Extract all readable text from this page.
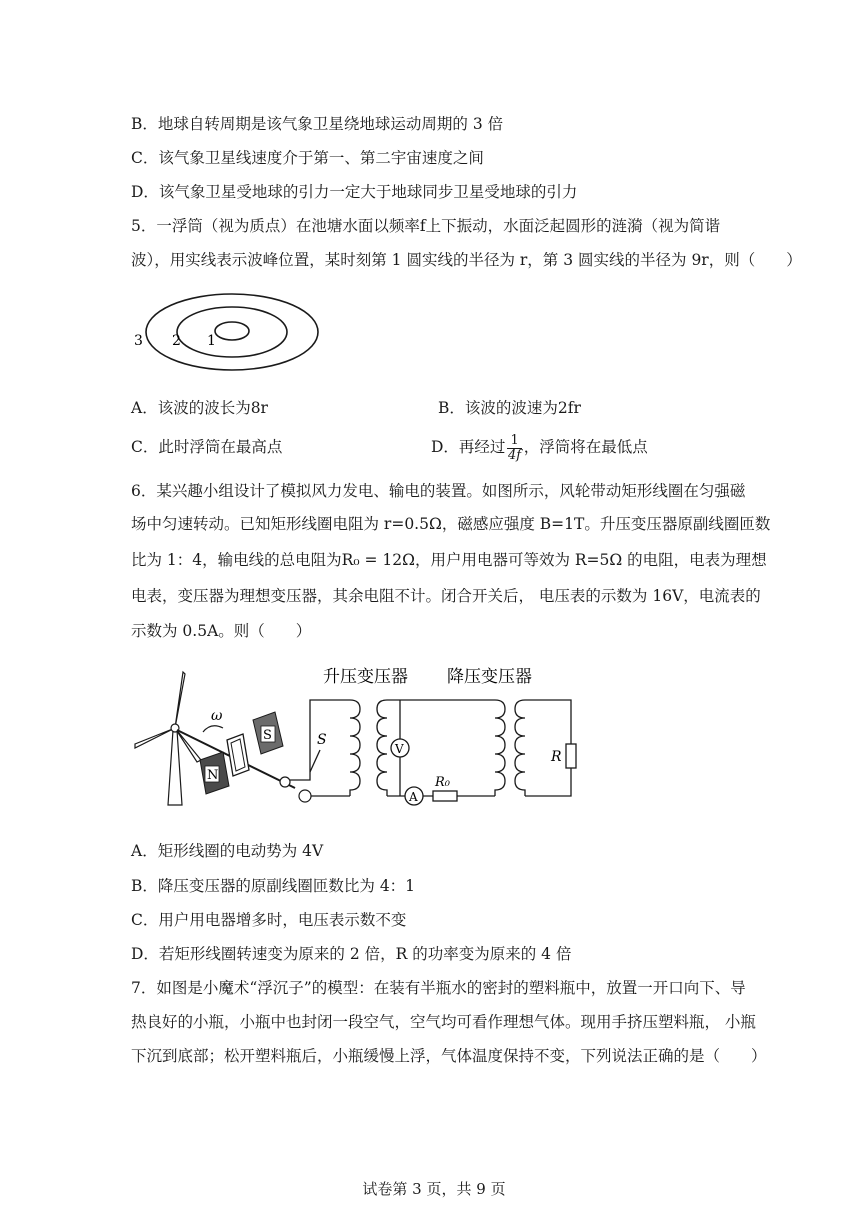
B．地球自转周期是该气象卫星绕地球运动周期的 3 倍
C．该气象卫星线速度介于第一、第二宇宙速度之间
D．该气象卫星受地球的引力一定大于地球同步卫星受地球的引力
5．一浮筒（视为质点）在池塘水面以频率f上下振动，水面泛起圆形的涟漪（视为简谐
波），用实线表示波峰位置，某时刻第 1 圆实线的半径为 r，第 3 圆实线的半径为 9r，则（　　）
3 2 1
A．该波的波长为8r	B．该波的波速为2fr
C．此时浮筒在最高点	D．再经过 $\frac{1}{4f}$ ，浮筒将在最低点
6．某兴趣小组设计了模拟风力发电、输电的装置。如图所示，风轮带动矩形线圈在匀强磁
场中匀速转动。已知矩形线圈电阻为 r=0.5Ω，磁感应强度 B=1T。升压变压器原副线圈匝数
比为 1：4，输电线的总电阻为R₀ = 12Ω，用户用电器可等效为 R=5Ω 的电阻，电表为理想
电表，变压器为理想变压器，其余电阻不计。闭合开关后， 电压表的示数为 16V，电流表的
示数为 0.5A。则（　　）
升压变压器 降压变压器
ω
S
N
S
V
A
R₀
R
A．矩形线圈的电动势为 4V
B．降压变压器的原副线圈匝数比为 4：1
C．用户用电器增多时，电压表示数不变
D．若矩形线圈转速变为原来的 2 倍，R 的功率变为原来的 4 倍
7．如图是小魔术“浮沉子”的模型：在装有半瓶水的密封的塑料瓶中，放置一开口向下、导
热良好的小瓶，小瓶中也封闭一段空气，空气均可看作理想气体。现用手挤压塑料瓶， 小瓶
下沉到底部；松开塑料瓶后，小瓶缓慢上浮，气体温度保持不变，下列说法正确的是（　　）
试卷第 3 页，共 9 页
